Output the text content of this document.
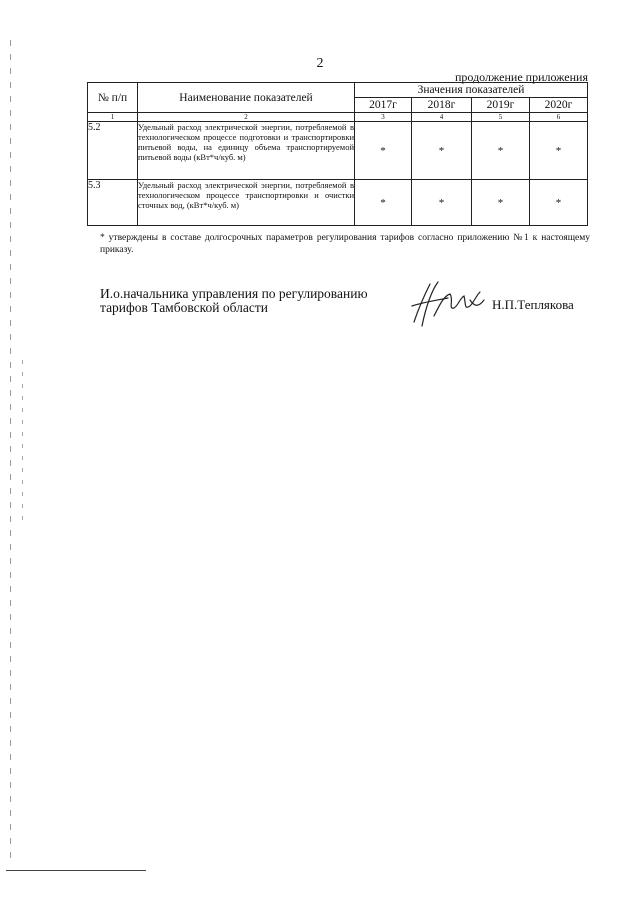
2
продолжение приложения
№ п/п	Наименование показателей	Значения показателей			
		2017г	2018г	2019г	2020г
1	2	3	4	5	6
5.2	Удельный расход электрической энергии, потребляемой в технологическом процессе подготовки и транспортировки питьевой воды, на единицу объема транспортируемой питьевой воды (кВт*ч/куб. м)	*	*	*	*
5.3	Удельный расход электрической энергии, потребляемой в технологическом процессе транспортировки и очистки сточных вод, (кВт*ч/куб. м)	*	*	*	*
* утверждены в составе долгосрочных параметров регулирования тарифов согласно приложению №1 к настоящему приказу.
И.о.начальника управления по регулированию
тарифов Тамбовской области	Н.П.Теплякова
